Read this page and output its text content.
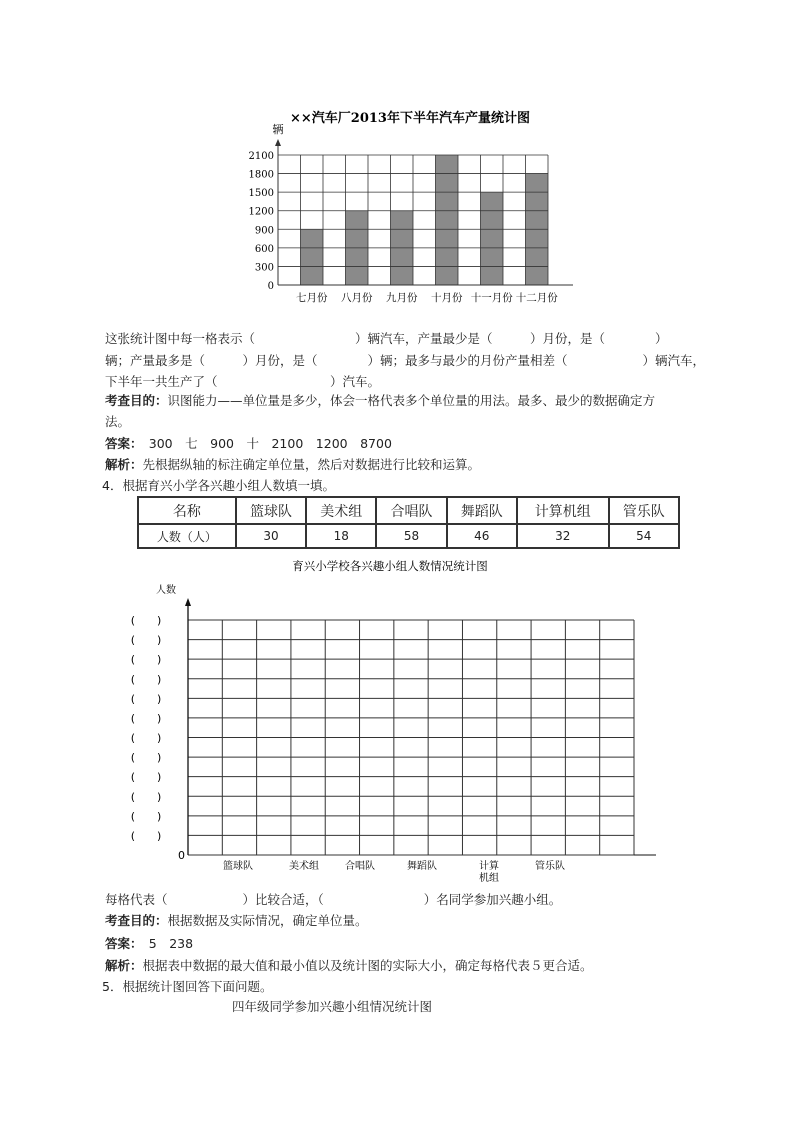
××汽车厂2013年下半年汽车产量统计图
辆
0
300
600
900
1200
1500
1800
2100
七月份 八月份 九月份 十月份 十一月份 十二月份
这张统计图中每一格表示（　　　　　　　　）辆汽车，产量最少是（　　　）月份，是（　　　　）
辆；产量最多是（　　　）月份，是（　　　　）辆；最多与最少的月份产量相差（　　　　　　）辆汽车，
下半年一共生产了（　　　　　　　　　）汽车。
考查目的：识图能力——单位量是多少，体会一格代表多个单位量的用法。最多、最少的数据确定方
法。
答案：　300　七　900　十　2100　1200　8700
解析：先根据纵轴的标注确定单位量，然后对数据进行比较和运算。
4．根据育兴小学各兴趣小组人数填一填。
名称	篮球队	美术组	合唱队	舞蹈队	计算机组	管乐队
人数（人）	30	18	58	46	32	54
育兴小学校各兴趣小组人数情况统计图
人数
(　　)
(　　)
(　　)
(　　)
(　　)
(　　)
(　　)
(　　)
(　　)
(　　)
(　　)
(　　)
0
篮球队	美术组	合唱队	舞蹈队	计算
机组
管乐队
每格代表（　　　　　　）比较合适，（　　　　　　　　）名同学参加兴趣小组。
考查目的：根据数据及实际情况，确定单位量。
答案：　5　238
解析：根据表中数据的最大值和最小值以及统计图的实际大小，确定每格代表５更合适。
5．根据统计图回答下面问题。
四年级同学参加兴趣小组情况统计图
